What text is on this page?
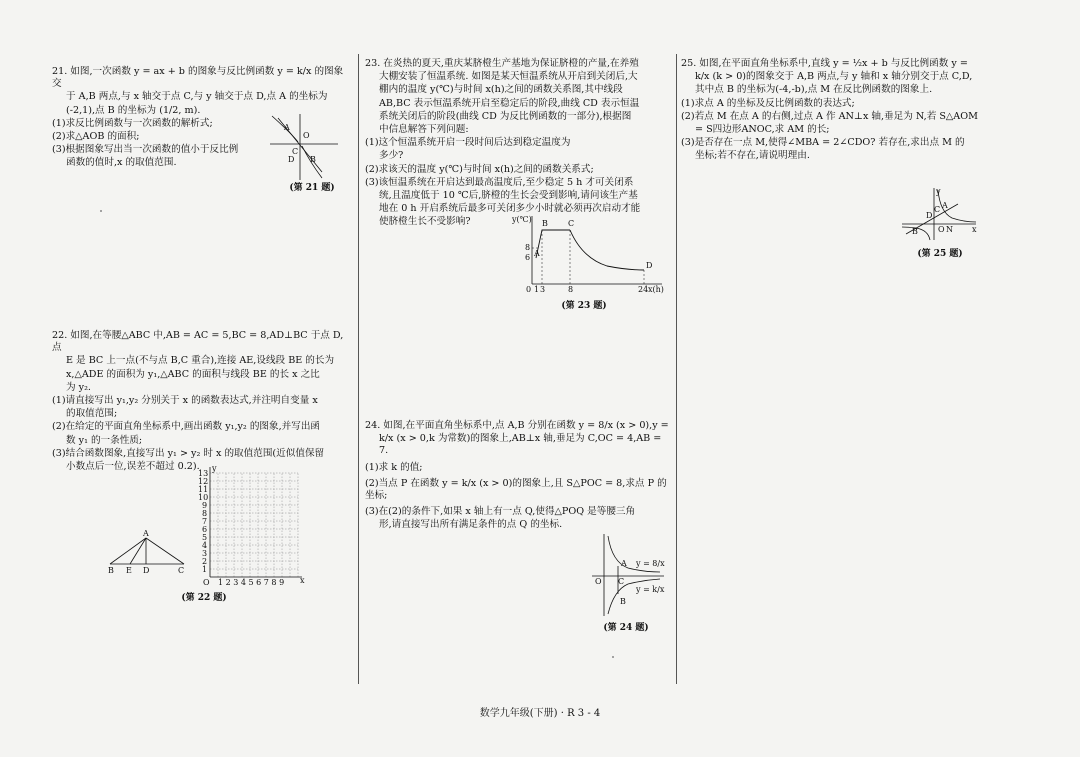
21. 如图,一次函数 y = ax + b 的图象与反比例函数 y = k/x 的图象交

于 A,B 两点,与 x 轴交于点 C,与 y 轴交于点 D,点 A 的坐标为

(-2,1),点 B 的坐标为 (1/2, m).

(1)求反比例函数与一次函数的解析式;

(2)求△AOB 的面积;

(3)根据图象写出当一次函数的值小于反比例

函数的值时,x 的取值范围.

A
O
C
D B
(第 21 题)

22. 如图,在等腰△ABC 中,AB = AC = 5,BC = 8,AD⊥BC 于点 D,点

E 是 BC 上一点(不与点 B,C 重合),连接 AE,设线段 BE 的长为

x,△ADE 的面积为 y₁,△ABC 的面积与线段 BE 的长 x 之比

为 y₂.

(1)请直接写出 y₁,y₂ 分别关于 x 的函数表达式,并注明自变量 x

的取值范围;

(2)在给定的平面直角坐标系中,画出函数 y₁,y₂ 的图象,并写出函

数 y₁ 的一条性质;

(3)结合函数图象,直接写出 y₁ > y₂ 时 x 的取值范围(近似值保留

小数点后一位,误差不超过 0.2).

A
B E D	C
1 2 3 4 5 6 7 8 9
O	x
y
13
12
11
10
9
8
7
6
5
4
3
2
1
(第 22 题)

23. 在炎热的夏天,重庆某脐橙生产基地为保证脐橙的产量,在养殖

大棚安装了恒温系统. 如图是某天恒温系统从开启到关闭后,大

棚内的温度 y(℃)与时间 x(h)之间的函数关系图,其中线段

AB,BC 表示恒温系统开启至稳定后的阶段,曲线 CD 表示恒温

系统关闭后的阶段(曲线 CD 为反比例函数的一部分),根据图

中信息解答下列问题:

(1)这个恒温系统开启一段时间后达到稳定温度为

多少?

(2)求该天的温度 y(℃)与时间 x(h)之间的函数关系式;

(3)该恒温系统在开启达到最高温度后,至少稳定 5 h 才可关闭系

统,且温度低于 10 ℃后,脐橙的生长会受到影响,请问该生产基

地在 0 h 开启系统后最多可关闭多少小时就必须再次启动才能

使脐橙生长不受影响?	y(℃)
x(h)
8
6
0 1 3	8	24
A
B	C
D
(第 23 题)

24. 如图,在平面直角坐标系中,点 A,B 分别在函数 y = 8/x (x > 0),y =

k/x (x > 0,k 为常数)的图象上,AB⊥x 轴,垂足为 C,OC = 4,AB = 7.

(1)求 k 的值;

(2)当点 P 在函数 y = k/x (x > 0)的图象上,且 S△POC = 8,求点 P 的坐标;

(3)在(2)的条件下,如果 x 轴上有一点 Q,使得△POQ 是等腰三角

形,请直接写出所有满足条件的点 Q 的坐标.

A
O C
B
y = 8/x
y = k/x
(第 24 题)

25. 如图,在平面直角坐标系中,直线 y = ½x + b 与反比例函数 y =

k/x (k > 0)的图象交于 A,B 两点,与 y 轴和 x 轴分别交于点 C,D,

其中点 B 的坐标为(-4,-b),点 M 在反比例函数的图象上.

(1)求点 A 的坐标及反比例函数的表达式;

(2)若点 M 在点 A 的右侧,过点 A 作 AN⊥x 轴,垂足为 N,若 S△AOM

= S四边形ANOC,求 AM 的长;

(3)是否存在一点 M,使得∠MBA = 2∠CDO? 若存在,求出点 M 的

坐标;若不存在,请说明理由.

D
C A
B	O N
y
x
(第 25 题)
数学九年级(下册) · R 3 - 4
